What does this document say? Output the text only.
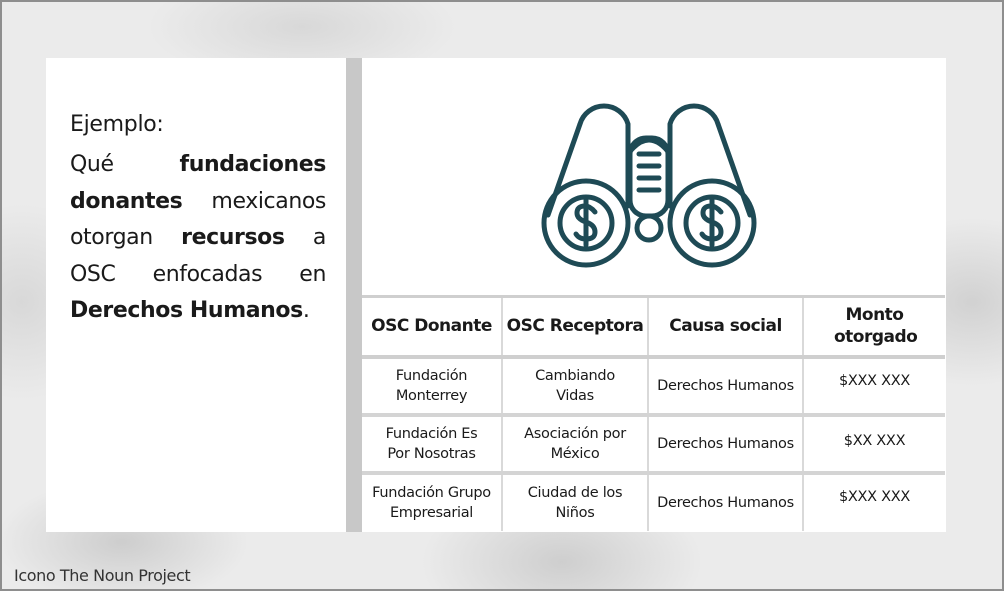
Ejemplo:

Qué fundaciones donantes mexicanos otorgan recursos a OSC enfocadas en Derechos Humanos.

OSC Donante	OSC Receptora	Causa social	Monto otorgado
Fundación Monterrey	Cambiando Vidas	Derechos Humanos	$XXX XXX
Fundación Es Por Nosotras	Asociación por México	Derechos Humanos	$XX XXX
Fundación Grupo Empresarial	Ciudad de los Niños	Derechos Humanos	$XXX XXX
Icono The Noun Project
